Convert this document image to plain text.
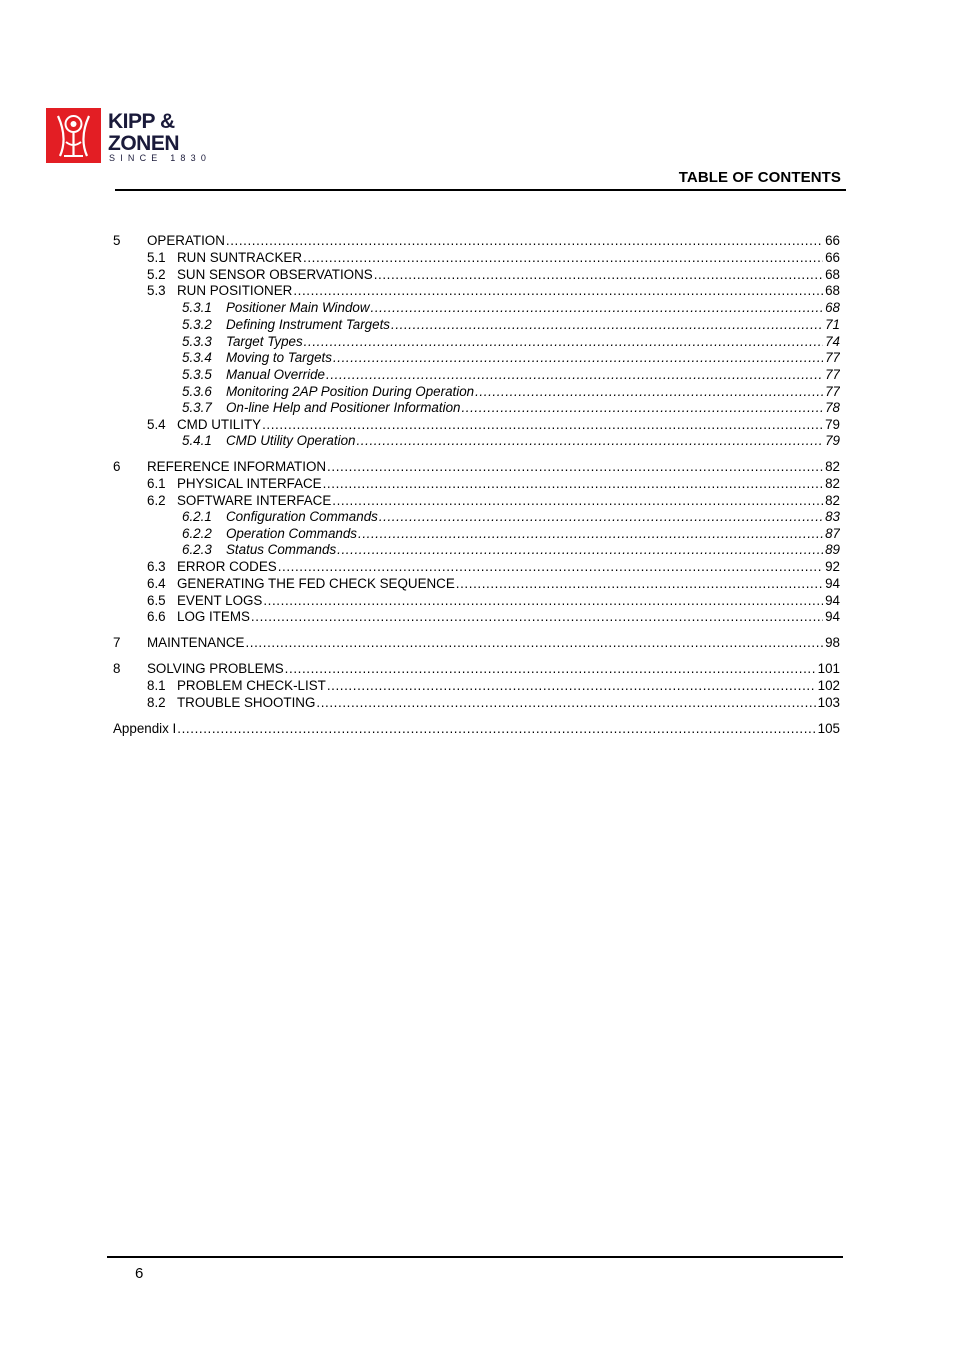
KIPP &
ZONEN
SINCE 1830
TABLE OF CONTENTS
5 OPERATION .....	66
5.1 RUN SUNTRACKER .....	66
5.2 SUN SENSOR OBSERVATIONS .....	68
5.3 RUN POSITIONER .....	68
5.3.1 Positioner Main Window .....	68
5.3.2 Defining Instrument Targets .....	71
5.3.3 Target Types .....	74
5.3.4 Moving to Targets .....	77
5.3.5 Manual Override .....	77
5.3.6 Monitoring 2AP Position During Operation .....	77
5.3.7 On-line Help and Positioner Information .....	78
5.4 CMD UTILITY .....	79
5.4.1 CMD Utility Operation .....	79
6 REFERENCE INFORMATION .....	82
6.1 PHYSICAL INTERFACE .....	82
6.2 SOFTWARE INTERFACE .....	82
6.2.1 Configuration Commands .....	83
6.2.2 Operation Commands .....	87
6.2.3 Status Commands .....	89
6.3 ERROR CODES .....	92
6.4 GENERATING THE FED CHECK SEQUENCE .....	94
6.5 EVENT LOGS .....	94
6.6 LOG ITEMS .....	94
7 MAINTENANCE .....	98
8 SOLVING PROBLEMS .....	101
8.1 PROBLEM CHECK-LIST .....	102
8.2 TROUBLE SHOOTING .....	103
Appendix I .....	105
6
